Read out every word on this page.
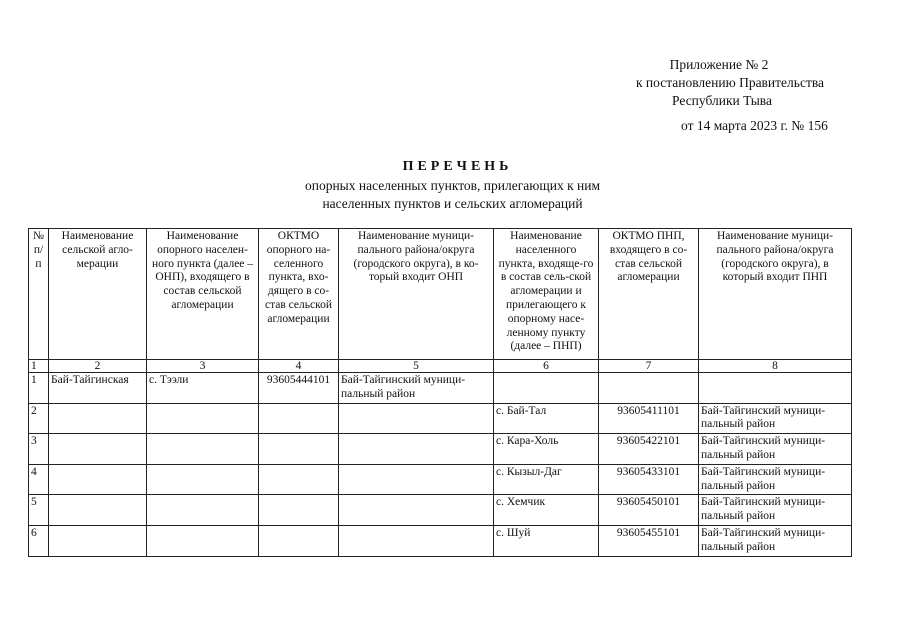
Приложение № 2
к постановлению Правительства
Республики Тыва
от 14 марта 2023 г. № 156
ПЕРЕЧЕНЬ
опорных населенных пунктов, прилегающих к ним
населенных пунктов и сельских агломераций
№ п/п	Наименование сельской агло-мерации	Наименование опорного населен-ного пункта (далее – ОНП), входящего в состав сельской агломерации	ОКТМО опорного на-селенного пункта, вхо-дящего в со-став сельской агломерации	Наименование муници-пального района/округа (городского округа), в ко-торый входит ОНП	Наименование населенного пункта, входяще-го в состав сель-ской агломерации и прилегающего к опорному насе-ленному пункту (далее – ПНП)	ОКТМО ПНП, входящего в со-став сельской агломерации	Наименование муници-пального района/округа (городского округа), в который входит ПНП
1	2	3	4	5	6	7	8
1	Бай-Тайгинская	с. Тээли	93605444101	Бай-Тайгинский муници-пальный район			
2					с. Бай-Тал	93605411101	Бай-Тайгинский муници-пальный район
3					с. Кара-Холь	93605422101	Бай-Тайгинский муници-пальный район
4					с. Кызыл-Даг	93605433101	Бай-Тайгинский муници-пальный район
5					с. Хемчик	93605450101	Бай-Тайгинский муници-пальный район
6					с. Шуй	93605455101	Бай-Тайгинский муници-пальный район
